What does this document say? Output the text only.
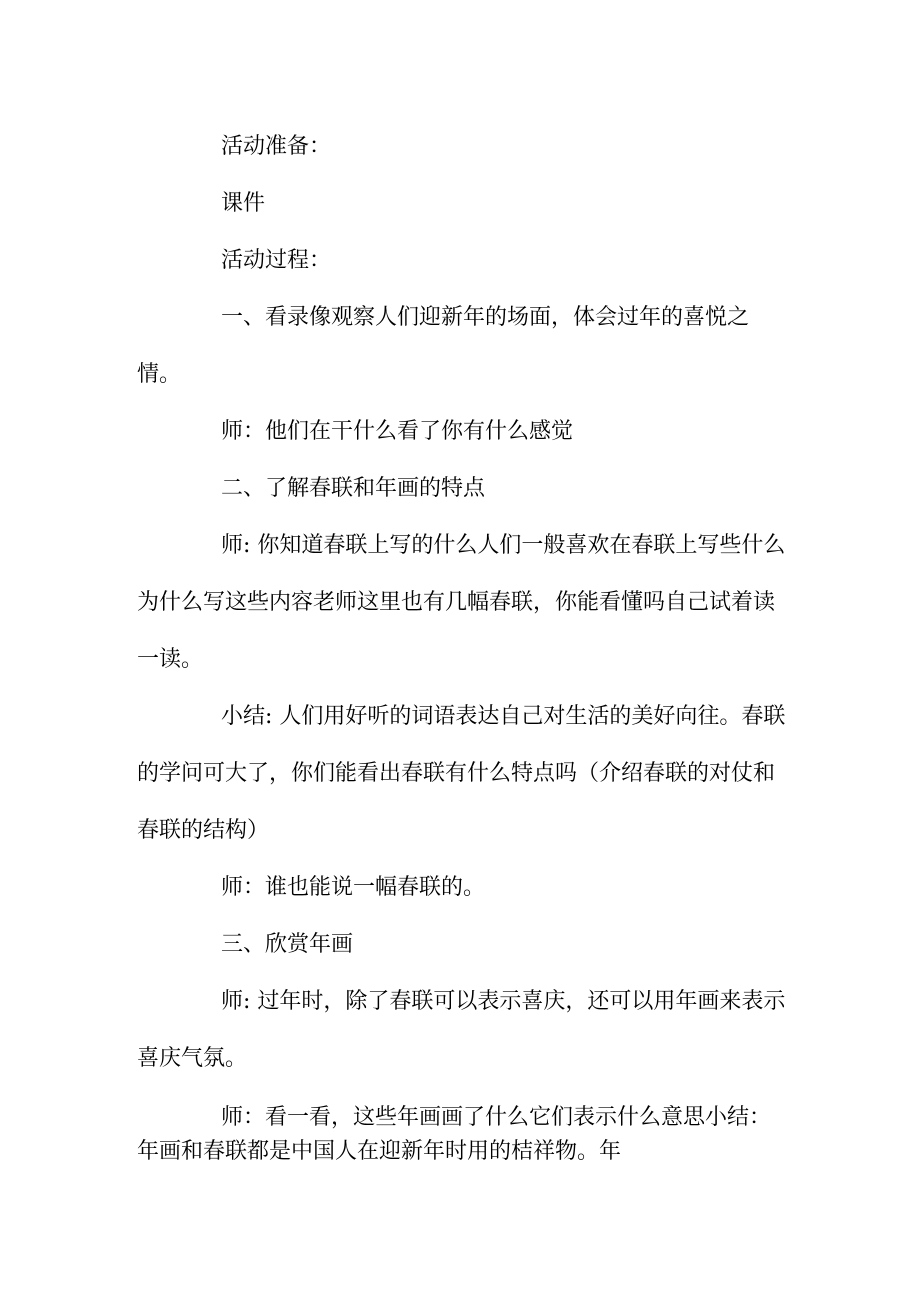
活动准备：

课件

活动过程：

一、看录像观察人们迎新年的场面，体会过年的喜悦之情。

师：他们在干什么看了你有什么感觉

二、了解春联和年画的特点

师: 你知道春联上写的什么人们一般喜欢在春联上写些什么为什么写这些内容老师这里也有几幅春联，你能看懂吗自己试着读一读。

小结: 人们用好听的词语表达自己对生活的美好向往。春联的学问可大了，你们能看出春联有什么特点吗（介绍春联的对仗和春联的结构）

师：谁也能说一幅春联的。

三、欣赏年画

师: 过年时，除了春联可以表示喜庆，还可以用年画来表示喜庆气氛。

师：看一看，这些年画画了什么它们表示什么意思小结：年画和春联都是中国人在迎新年时用的桔祥物。年
